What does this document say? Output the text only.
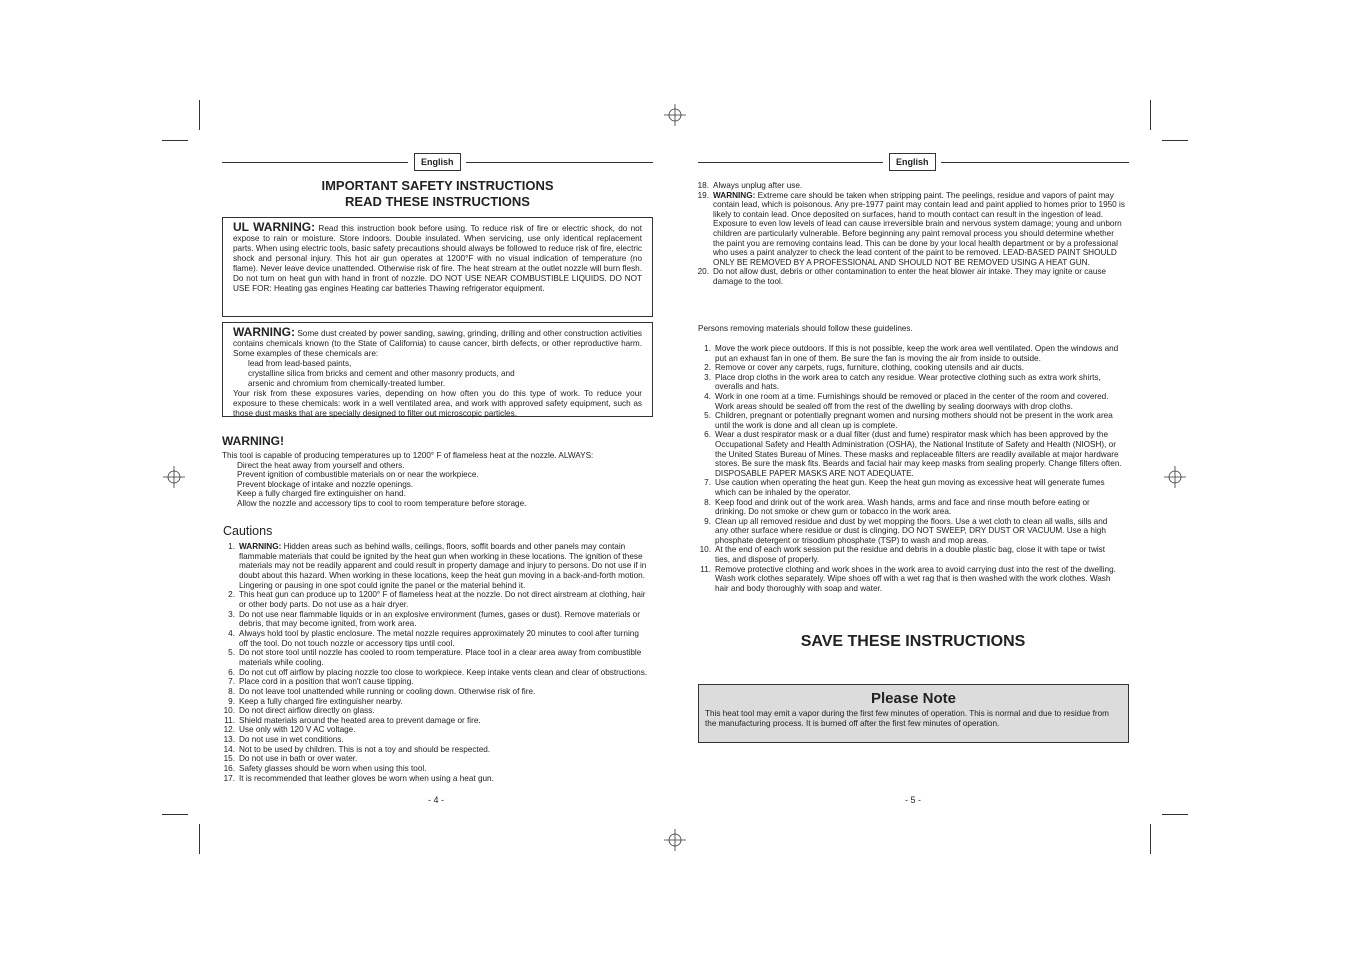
English
IMPORTANT SAFETY INSTRUCTIONS
READ THESE INSTRUCTIONS
UL WARNING: Read this instruction book before using. To reduce risk of fire or electric shock, do not expose to rain or moisture. Store indoors. Double insulated. When servicing, use only identical replacement parts. When using electric tools, basic safety precautions should always be followed to reduce risk of fire, electric shock and personal injury. This hot air gun operates at 1200°F with no visual indication of temperature (no flame). Never leave device unattended. Otherwise risk of fire. The heat stream at the outlet nozzle will burn flesh. Do not turn on heat gun with hand in front of nozzle. DO NOT USE NEAR COMBUSTIBLE LIQUIDS. DO NOT USE FOR: Heating gas engines Heating car batteries Thawing refrigerator equipment.
WARNING: Some dust created by power sanding, sawing, grinding, drilling and other construction activities contains chemicals known (to the State of California) to cause cancer, birth defects, or other reproductive harm. Some examples of these chemicals are:
lead from lead-based paints,
crystalline silica from bricks and cement and other masonry products, and
arsenic and chromium from chemically-treated lumber.
Your risk from these exposures varies, depending on how often you do this type of work. To reduce your exposure to these chemicals: work in a well ventilated area, and work with approved safety equipment, such as those dust masks that are specially designed to filter out microscopic particles.
WARNING!
This tool is capable of producing temperatures up to 1200° F of flameless heat at the nozzle. ALWAYS:
Direct the heat away from yourself and others.
Prevent ignition of combustible materials on or near the workpiece.
Prevent blockage of intake and nozzle openings.
Keep a fully charged fire extinguisher on hand.
Allow the nozzle and accessory tips to cool to room temperature before storage.
Cautions
1. WARNING: Hidden areas such as behind walls, ceilings, floors, soffit boards and other panels may contain flammable materials that could be ignited by the heat gun when working in these locations. The ignition of these materials may not be readily apparent and could result in property damage and injury to persons. Do not use if in doubt about this hazard. When working in these locations, keep the heat gun moving in a back-and-forth motion. Lingering or pausing in one spot could ignite the panel or the material behind it.
2. This heat gun can produce up to 1200° F of flameless heat at the nozzle. Do not direct airstream at clothing, hair or other body parts. Do not use as a hair dryer.
3. Do not use near flammable liquids or in an explosive environment (fumes, gases or dust). Remove materials or debris, that may become ignited, from work area.
4. Always hold tool by plastic enclosure. The metal nozzle requires approximately 20 minutes to cool after turning off the tool. Do not touch nozzle or accessory tips until cool.
5. Do not store tool until nozzle has cooled to room temperature. Place tool in a clear area away from combustible materials while cooling.
6. Do not cut off airflow by placing nozzle too close to workpiece. Keep intake vents clean and clear of obstructions.
7. Place cord in a position that won't cause tipping.
8. Do not leave tool unattended while running or cooling down. Otherwise risk of fire.
9. Keep a fully charged fire extinguisher nearby.
10. Do not direct airflow directly on glass.
11. Shield materials around the heated area to prevent damage or fire.
12. Use only with 120 V AC voltage.
13. Do not use in wet conditions.
14. Not to be used by children. This is not a toy and should be respected.
15. Do not use in bath or over water.
16. Safety glasses should be worn when using this tool.
17. It is recommended that leather gloves be worn when using a heat gun.
- 4 -
English
18. Always unplug after use.
19. WARNING: Extreme care should be taken when stripping paint. The peelings, residue and vapors of paint may contain lead, which is poisonous. Any pre-1977 paint may contain lead and paint applied to homes prior to 1950 is likely to contain lead. Once deposited on surfaces, hand to mouth contact can result in the ingestion of lead. Exposure to even low levels of lead can cause irreversible brain and nervous system damage; young and unborn children are particularly vulnerable. Before beginning any paint removal process you should determine whether the paint you are removing contains lead. This can be done by your local health department or by a professional who uses a paint analyzer to check the lead content of the paint to be removed. LEAD-BASED PAINT SHOULD ONLY BE REMOVED BY A PROFESSIONAL AND SHOULD NOT BE REMOVED USING A HEAT GUN.
20. Do not allow dust, debris or other contamination to enter the heat blower air intake. They may ignite or cause damage to the tool.
Persons removing materials should follow these guidelines.
1. Move the work piece outdoors. If this is not possible, keep the work area well ventilated. Open the windows and put an exhaust fan in one of them. Be sure the fan is moving the air from inside to outside.
2. Remove or cover any carpets, rugs, furniture, clothing, cooking utensils and air ducts.
3. Place drop cloths in the work area to catch any residue. Wear protective clothing such as extra work shirts, overalls and hats.
4. Work in one room at a time. Furnishings should be removed or placed in the center of the room and covered. Work areas should be sealed off from the rest of the dwelling by sealing doorways with drop cloths.
5. Children, pregnant or potentially pregnant women and nursing mothers should not be present in the work area until the work is done and all clean up is complete.
6. Wear a dust respirator mask or a dual filter (dust and fume) respirator mask which has been approved by the Occupational Safety and Health Administration (OSHA), the National Institute of Safety and Health (NIOSH), or the United States Bureau of Mines. These masks and replaceable filters are readily available at major hardware stores. Be sure the mask fits. Beards and facial hair may keep masks from sealing properly. Change filters often. DISPOSABLE PAPER MASKS ARE NOT ADEQUATE.
7. Use caution when operating the heat gun. Keep the heat gun moving as excessive heat will generate fumes which can be inhaled by the operator.
8. Keep food and drink out of the work area. Wash hands, arms and face and rinse mouth before eating or drinking. Do not smoke or chew gum or tobacco in the work area.
9. Clean up all removed residue and dust by wet mopping the floors. Use a wet cloth to clean all walls, sills and any other surface where residue or dust is clinging. DO NOT SWEEP, DRY DUST OR VACUUM. Use a high phosphate detergent or trisodium phosphate (TSP) to wash and mop areas.
10. At the end of each work session put the residue and debris in a double plastic bag, close it with tape or twist ties, and dispose of properly.
11. Remove protective clothing and work shoes in the work area to avoid carrying dust into the rest of the dwelling. Wash work clothes separately. Wipe shoes off with a wet rag that is then washed with the work clothes. Wash hair and body thoroughly with soap and water.
SAVE THESE INSTRUCTIONS
Please Note
This heat tool may emit a vapor during the first few minutes of operation. This is normal and due to residue from the manufacturing process. It is burned off after the first few minutes of operation.
- 5 -
